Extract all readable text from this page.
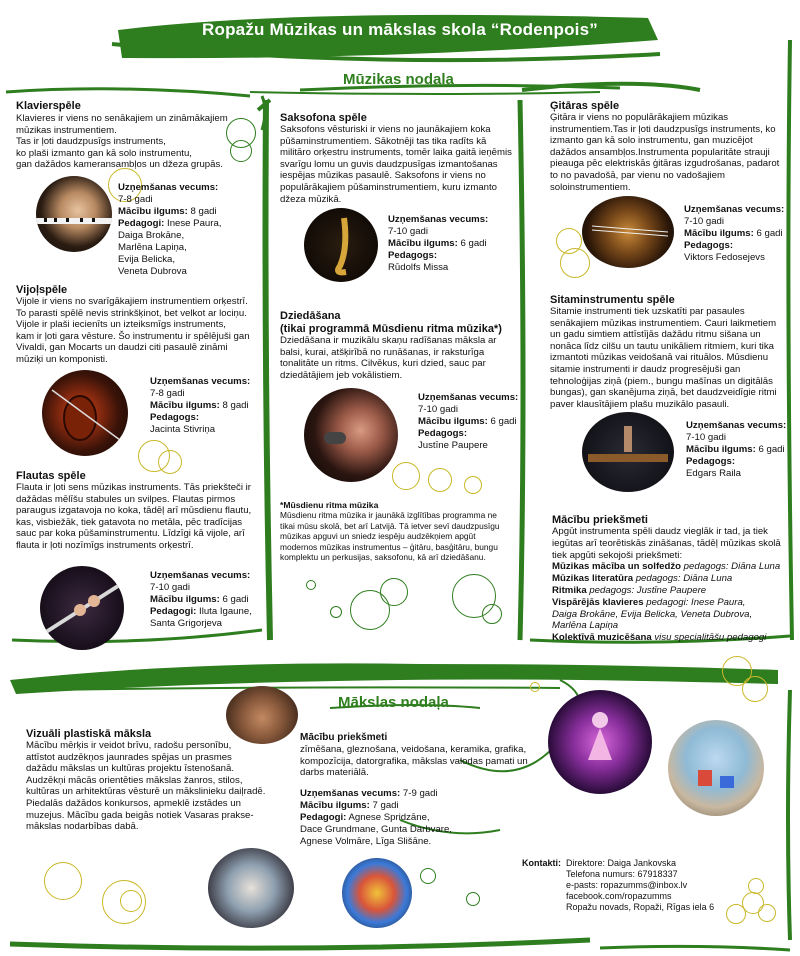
Ropažu Mūzikas un mākslas skola “Rodenpois”
Mūzikas nodaļa
Klavierspēle

Klavieres ir viens no senākajiem un zināmākajiem

mūzikas instrumentiem.

Tas ir ļoti daudzpusīgs instruments,

ko plaši izmanto gan kā solo instrumentu,

gan dažādos kameransambļos un džeza grupās.

Uzņemšanas vecums:
7-8 gadi
Mācību ilgums: 8 gadi
Pedagogi: Inese Paura,
Daiga Brokāne,
Marlēna Lapiņa,
Evija Belicka,
Veneta Dubrova
Vijoļspēle

Vijole ir viens no svarīgākajiem instrumentiem orķestrī.

To parasti spēlē nevis strinkšķinot, bet velkot ar lociņu.

Vijole ir plaši iecienīts un izteiksmīgs instruments,

kam ir ļoti gara vēsture. Šo instrumentu ir spēlējuši gan

Vivaldi, gan Mocarts un daudzi citi pasaulē zināmi

mūziķi un komponisti.

Uzņemšanas vecums:
7-8 gadi
Mācību ilgums: 8 gadi
Pedagogs:
Jacinta Stivriņa
Flautas spēle

Flauta ir ļoti sens mūzikas instruments. Tās priekšteči ir

dažādas mēlīšu stabules un svilpes. Flautas pirmos

paraugus izgatavoja no koka, tādēļ arī mūsdienu flautu,

kas, visbiežāk, tiek gatavota no metāla, pēc tradīcijas

sauc par koka pūšaminstrumentu. Līdzīgi kā vijole, arī

flauta ir ļoti nozīmīgs instruments orķestrī.

Uzņemšanas vecums:
7-10 gadi
Mācību ilgums: 6 gadi
Pedagogi: Iluta Igaune,
Santa Grigorjeva
Saksofona spēle

Saksofons vēsturiski ir viens no jaunākajiem koka

pūšaminstrumentiem. Sākotnēji tas tika radīts kā

militāro orķestru instruments, tomēr laika gaitā ieņēmis

svarīgu lomu un guvis daudzpusīgas izmantošanas

iespējas mūzikas pasaulē. Saksofons ir viens no

populārākajiem pūšaminstrumentiem, kuru izmanto

džeza mūzikā.

Uzņemšanas vecums:
7-10 gadi
Mācību ilgums: 6 gadi
Pedagogs:
Rūdolfs Missa
Dziedāšana
(tikai programmā Mūsdienu ritma mūzika*)

Dziedāšana ir muzikālu skaņu radīšanas māksla ar

balsi, kurai, atšķirībā no runāšanas, ir raksturīga

tonalitāte un ritms. Cilvēkus, kuri dzied, sauc par

dziedātājiem jeb vokālistiem.

Uzņemšanas vecums:
7-10 gadi
Mācību ilgums: 6 gadi
Pedagogs:
Justīne Paupere

*Mūsdienu ritma mūzika

Mūsdienu ritma mūzika ir jaunākā izglītības programma ne

tikai mūsu skolā, bet arī Latvijā. Tā ietver sevī daudzpusīgu

mūzikas apguvi un sniedz iespēju audzēkņiem apgūt

modernos mūzikas instrumentus – ģitāru, basģitāru, bungu

komplektu un perkusijas, saksofonu, kā arī dziedāšanu.

Ģitāras spēle

Ģitāra ir viens no populārākajiem mūzikas

instrumentiem.Tas ir ļoti daudzpusīgs instruments, ko

izmanto gan kā solo instrumentu, gan muzicējot

dažādos ansambļos.Instrumenta popularitāte strauji

pieauga pēc elektriskās ģitāras izgudrošanas, padarot

to no pavadošā, par vienu no vadošajiem

soloinstrumentiem.

Uzņemšanas vecums:
7-10 gadi
Mācību ilgums: 6 gadi
Pedagogs:
Viktors Fedosejevs
Sitaminstrumentu spēle

Sitamie instrumenti tiek uzskatīti par pasaules

senākajiem mūzikas instrumentiem. Cauri laikmetiem

un gadu simtiem attīstījās dažādu ritmu sišana un

nonāca līdz cilšu un tautu unikāliem ritmiem, kuri tika

izmantoti mūzikas veidošanā vai rituālos. Mūsdienu

sitamie instrumenti ir daudz progresējuši gan

tehnoloģijas ziņā (piem., bungu mašīnas un digitālās

bungas), gan skanējuma ziņā, bet daudzveidīgie ritmi

paver klausītājiem plašu muzikālo pasauli.

Uzņemšanas vecums:
7-10 gadi
Mācību ilgums: 6 gadi
Pedagogs:
Edgars Raila
Mācību priekšmeti
Apgūt instrumenta spēli daudz vieglāk ir tad, ja tiek
iegūtas arī teorētiskās zināšanas, tādēļ mūzikas skolā
tiek apgūti sekojoši priekšmeti:
Mūzikas mācība un solfedžo pedagogs: Diāna Luna
Mūzikas literatūra pedagogs: Diāna Luna
Ritmika pedagogs: Justīne Paupere
Vispārējās klavieres pedagogi: Inese Paura,
Daiga Brokāne, Evija Belicka, Veneta Dubrova,
Marlēna Lapiņa
Kolektīvā muzicēšana visu specialitāšu pedagogi
Mākslas nodaļa
Vizuāli plastiskā māksla

Mācību mērķis ir veidot brīvu, radošu personību,

attīstot audzēkņos jaunrades spējas un prasmes

dažādu mākslas un kultūras projektu īstenošanā.

Audzēkņi mācās orientēties mākslas žanros, stilos,

kultūras un arhitektūras vēsturē un mākslinieku daiļradē.

Piedalās dažādos konkursos, apmeklē izstādes un

muzejus. Mācību gada beigās notiek Vasaras prakse-

mākslas nodarbības dabā.

Mācību priekšmeti

zīmēšana, gleznošana, veidošana, keramika, grafika,

kompozīcija, datorgrafika, mākslas valodas pamati un

darbs materiālā.

Uzņemšanas vecums: 7-9 gadi
Mācību ilgums: 7 gadi
Pedagogi: Agnese Spridzāne,
Dace Grundmane, Gunta Darbvare,
Agnese Volmāre, Līga Slišāne.
Kontakti: Direktore: Daiga Jankovska
Telefona numurs: 67918337
e-pasts: ropazumms@inbox.lv
facebook.com/ropazumms
Ropažu novads, Ropaži, Rīgas iela 6
